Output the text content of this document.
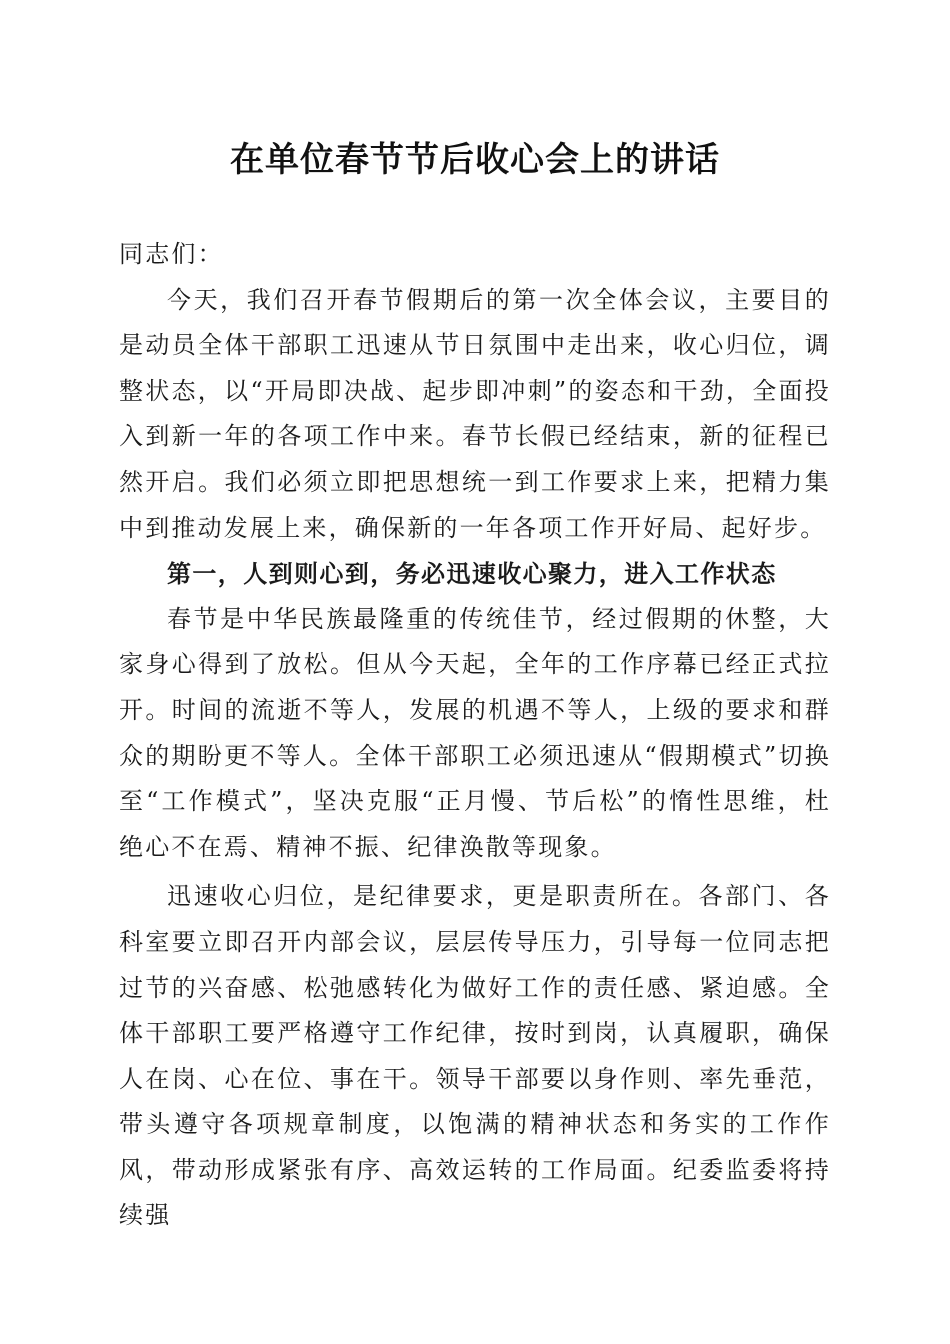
在单位春节节后收心会上的讲话

同志们：

今天，我们召开春节假期后的第一次全体会议，主要目的是动员全体干部职工迅速从节日氛围中走出来，收心归位，调整状态，以“开局即决战、起步即冲刺”的姿态和干劲，全面投入到新一年的各项工作中来。春节长假已经结束，新的征程已然开启。我们必须立即把思想统一到工作要求上来，把精力集中到推动发展上来，确保新的一年各项工作开好局、起好步。

第一，人到则心到，务必迅速收心聚力，进入工作状态

春节是中华民族最隆重的传统佳节，经过假期的休整，大家身心得到了放松。但从今天起，全年的工作序幕已经正式拉开。时间的流逝不等人，发展的机遇不等人，上级的要求和群众的期盼更不等人。全体干部职工必须迅速从“假期模式”切换至“工作模式”，坚决克服“正月慢、节后松”的惰性思维，杜绝心不在焉、精神不振、纪律涣散等现象。

迅速收心归位，是纪律要求，更是职责所在。各部门、各科室要立即召开内部会议，层层传导压力，引导每一位同志把过节的兴奋感、松弛感转化为做好工作的责任感、紧迫感。全体干部职工要严格遵守工作纪律，按时到岗，认真履职，确保人在岗、心在位、事在干。领导干部要以身作则、率先垂范，带头遵守各项规章制度，以饱满的精神状态和务实的工作作风，带动形成紧张有序、高效运转的工作局面。纪委监委将持续强
